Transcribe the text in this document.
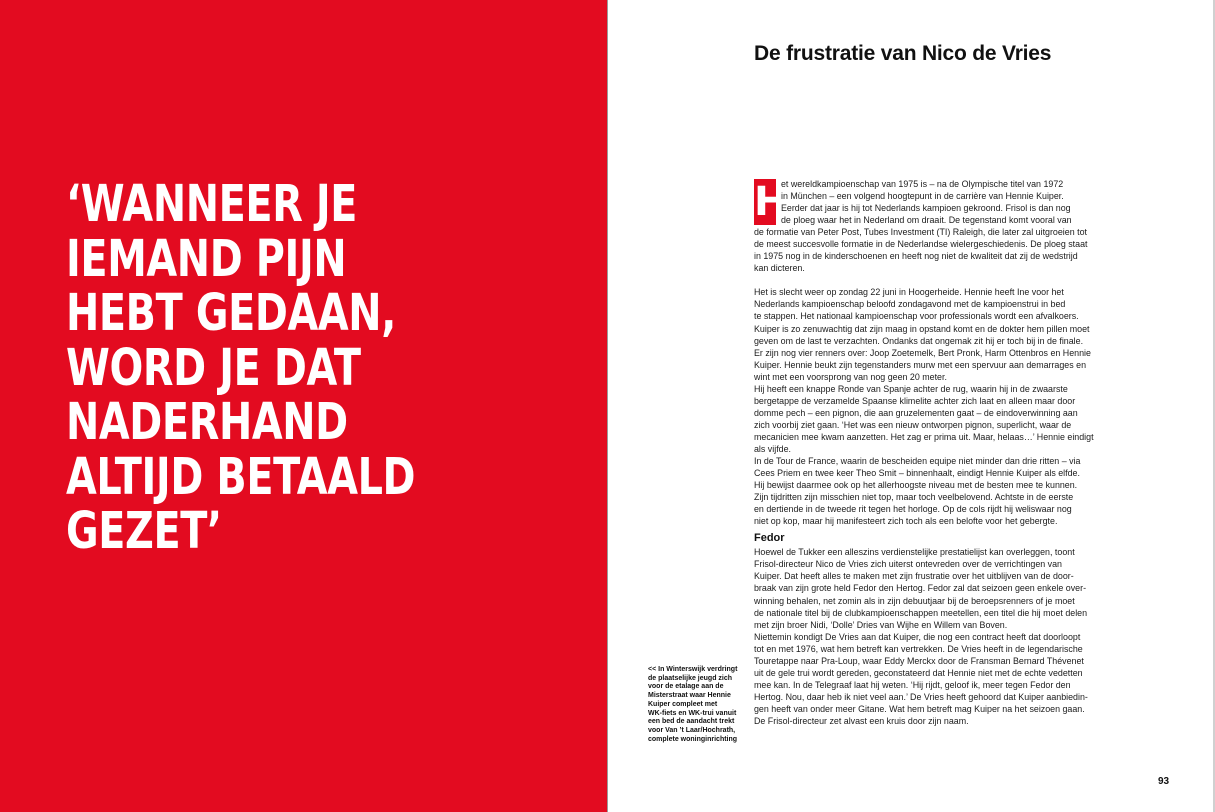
‘WANNEER JE
IEMAND PIJN
HEBT GEDAAN,
WORD JE DAT
NADERHAND
ALTIJD BETAALD
GEZET’
De frustratie van Nico de Vries
H
et wereldkampioenschap van 1975 is – na de Olympische titel van 1972
in München – een volgend hoogtepunt in de carrière van Hennie Kuiper.
Eerder dat jaar is hij tot Nederlands kampioen gekroond. Frisol is dan nog
de ploeg waar het in Nederland om draait. De tegenstand komt vooral van
de formatie van Peter Post, Tubes Investment (TI) Raleigh, die later zal uitgroeien tot
de meest succesvolle formatie in de Nederlandse wielergeschiedenis. De ploeg staat
in 1975 nog in de kinderschoenen en heeft nog niet de kwaliteit dat zij de wedstrijd
kan dicteren.
Het is slecht weer op zondag 22 juni in Hoogerheide. Hennie heeft Ine voor het
Nederlands kampioenschap beloofd zondagavond met de kampioenstrui in bed
te stappen. Het nationaal kampioenschap voor professionals wordt een afvalkoers.
Kuiper is zo zenuwachtig dat zijn maag in opstand komt en de dokter hem pillen moet
geven om de last te verzachten. Ondanks dat ongemak zit hij er toch bij in de finale.
Er zijn nog vier renners over: Joop Zoetemelk, Bert Pronk, Harm Ottenbros en Hennie
Kuiper. Hennie beukt zijn tegenstanders murw met een spervuur aan demarrages en
wint met een voorsprong van nog geen 20 meter.
Hij heeft een knappe Ronde van Spanje achter de rug, waarin hij in de zwaarste
bergetappe de verzamelde Spaanse klimelite achter zich laat en alleen maar door
domme pech – een pignon, die aan gruzelementen gaat – de eindoverwinning aan
zich voorbij ziet gaan. ‘Het was een nieuw ontworpen pignon, superlicht, waar de
mecanicien mee kwam aanzetten. Het zag er prima uit. Maar, helaas…’ Hennie eindigt
als vijfde.
In de Tour de France, waarin de bescheiden equipe niet minder dan drie ritten – via
Cees Priem en twee keer Theo Smit – binnenhaalt, eindigt Hennie Kuiper als elfde.
Hij bewijst daarmee ook op het allerhoogste niveau met de besten mee te kunnen.
Zijn tijdritten zijn misschien niet top, maar toch veelbelovend. Achtste in de eerste
en dertiende in de tweede rit tegen het horloge. Op de cols rijdt hij weliswaar nog
niet op kop, maar hij manifesteert zich toch als een belofte voor het gebergte.
Fedor
Hoewel de Tukker een alleszins verdienstelijke prestatielijst kan overleggen, toont
Frisol-directeur Nico de Vries zich uiterst ontevreden over de verrichtingen van
Kuiper. Dat heeft alles te maken met zijn frustratie over het uitblijven van de door-
braak van zijn grote held Fedor den Hertog. Fedor zal dat seizoen geen enkele over-
winning behalen, net zomin als in zijn debuutjaar bij de beroepsrenners of je moet
de nationale titel bij de clubkampioenschappen meetellen, een titel die hij moet delen
met zijn broer Nidi, ‘Dolle’ Dries van Wijhe en Willem van Boven.
Niettemin kondigt De Vries aan dat Kuiper, die nog een contract heeft dat doorloopt
tot en met 1976, wat hem betreft kan vertrekken. De Vries heeft in de legendarische
Touretappe naar Pra-Loup, waar Eddy Merckx door de Fransman Bernard Thévenet
uit de gele trui wordt gereden, geconstateerd dat Hennie niet met de echte vedetten
mee kan. In de Telegraaf laat hij weten. ‘Hij rijdt, geloof ik, meer tegen Fedor den
Hertog. Nou, daar heb ik niet veel aan.’ De Vries heeft gehoord dat Kuiper aanbiedin-
gen heeft van onder meer Gitane. Wat hem betreft mag Kuiper na het seizoen gaan.
De Frisol-directeur zet alvast een kruis door zijn naam.
<< In Winterswijk verdringt
de plaatselijke jeugd zich
voor de etalage aan de
Misterstraat waar Hennie
Kuiper compleet met
WK-fiets en WK-trui vanuit
een bed de aandacht trekt
voor Van ’t Laar/Hochrath,
complete woninginrichting
93
